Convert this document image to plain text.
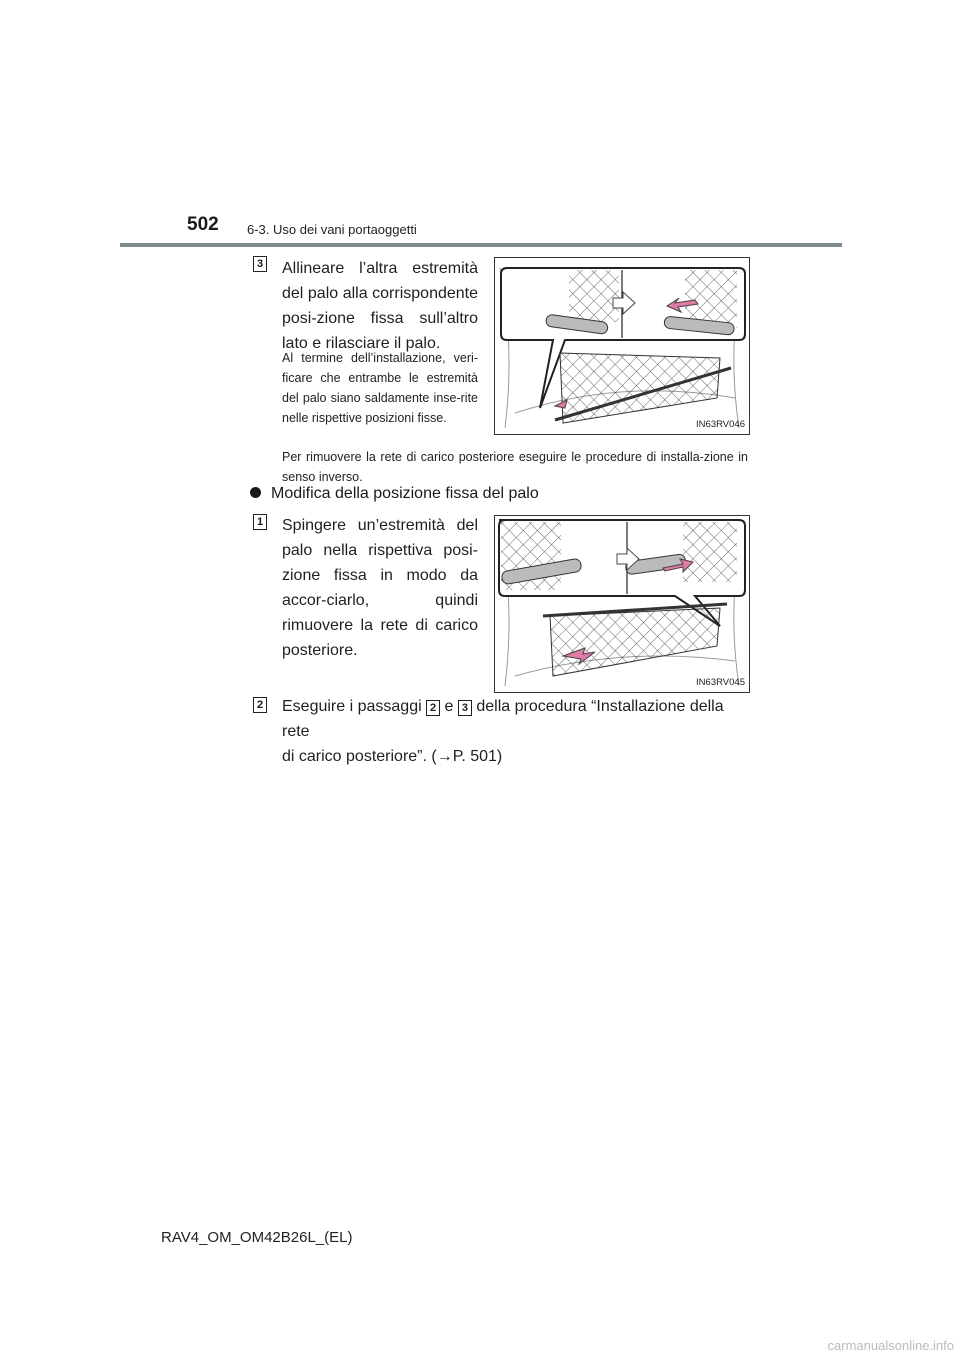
502 6-3. Uso dei vani portaoggetti
3 Allineare l’altra estremità del palo alla corrispondente posi-zione fissa sull’altro lato e rilasciare il palo.
Al termine dell’installazione, veri-ficare che entrambe le estremità del palo siano saldamente inse-rite nelle rispettive posizioni fisse.	IN63RV046
Per rimuovere la rete di carico posteriore eseguire le procedure di installa-zione in senso inverso.
Modifica della posizione fissa del palo
1 Spingere un’estremità del palo nella rispettiva posi-zione fissa in modo da accor-ciarlo, quindi rimuovere la rete di carico posteriore.
IN63RV045
2 Eseguire i passaggi 2 e 3 della procedura “Installazione della rete
di carico posteriore”. (→P. 501)
RAV4_OM_OM42B26L_(EL)
carmanualsonline.info
